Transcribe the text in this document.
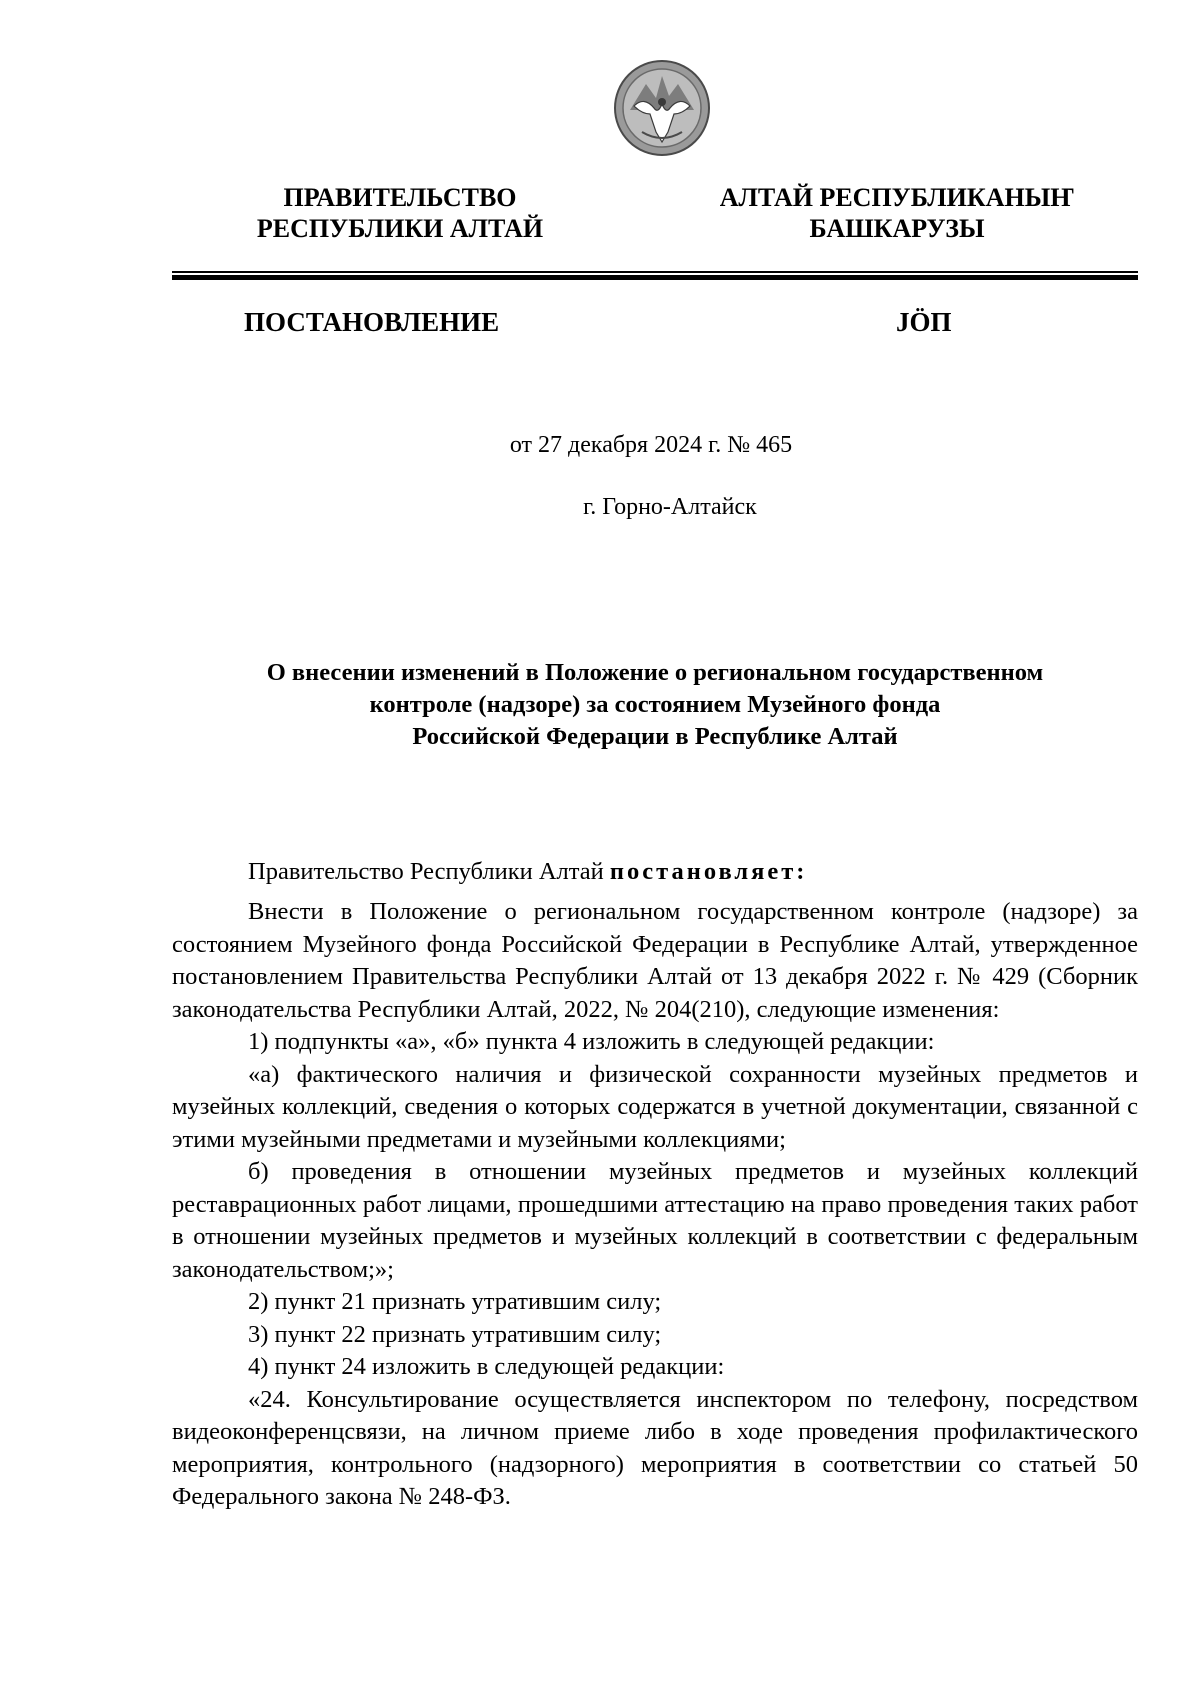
ПРАВИТЕЛЬСТВО
РЕСПУБЛИКИ АЛТАЙ
АЛТАЙ РЕСПУБЛИКАНЫҤ
БАШКАРУЗЫ
ПОСТАНОВЛЕНИЕ	JӦП
от 27 декабря 2024 г. № 465
г. Горно-Алтайск
О внесении изменений в Положение о региональном государственном
контроле (надзоре) за состоянием Музейного фонда
Российской Федерации в Республике Алтай
Правительство Республики Алтай постановляет:

Внести в Положение о региональном государственном контроле (надзоре) за состоянием Музейного фонда Российской Федерации в Республике Алтай, утвержденное постановлением Правительства Республики Алтай от 13 декабря 2022 г. № 429 (Сборник законодательства Республики Алтай, 2022, № 204(210), следующие изменения:

1) подпункты «а», «б» пункта 4 изложить в следующей редакции:

«а) фактического наличия и физической сохранности музейных предметов и музейных коллекций, сведения о которых содержатся в учетной документации, связанной с этими музейными предметами и музейными коллекциями;

б) проведения в отношении музейных предметов и музейных коллекций реставрационных работ лицами, прошедшими аттестацию на право проведения таких работ в отношении музейных предметов и музейных коллекций в соответствии с федеральным законодательством;»;

2) пункт 21 признать утратившим силу;

3) пункт 22 признать утратившим силу;

4) пункт 24 изложить в следующей редакции:

«24. Консультирование осуществляется инспектором по телефону, посредством видеоконференцсвязи, на личном приеме либо в ходе проведения профилактического мероприятия, контрольного (надзорного) мероприятия в соответствии со статьей 50 Федерального закона № 248-ФЗ.
